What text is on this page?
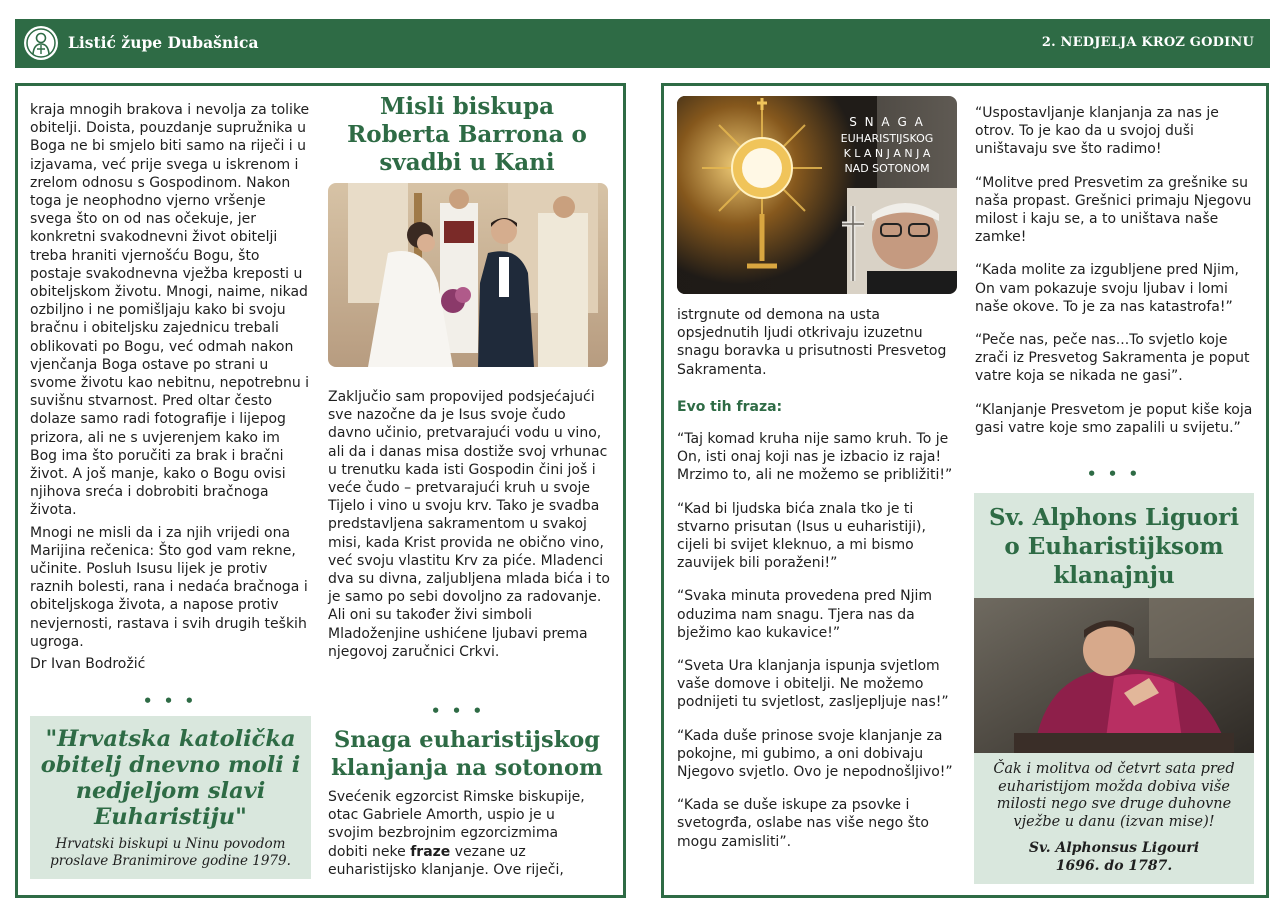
Listić župe Dubašnica	2. NEDJELJA KROZ GODINU

kraja mnogih brakova i nevolja za tolike obitelji. Doista, pouzdanje supružnika u Boga ne bi smjelo biti samo na riječi i u izjavama, već prije svega u iskrenom i zrelom odnosu s Gospodinom. Nakon toga je neophodno vjerno vršenje svega što on od nas očekuje, jer konkretni svakodnevni život obitelji treba hraniti vjernošću Bogu, što postaje svakodnevna vježba kreposti u obiteljskom životu. Mnogi, naime, nikad ozbiljno i ne pomišljaju kako bi svoju bračnu i obiteljsku zajednicu trebali oblikovati po Bogu, već odmah nakon vjenčanja Boga ostave po strani u svome životu kao nebitnu, nepotrebnu i suvišnu stvarnost. Pred oltar često dolaze samo radi fotografije i lijepog prizora, ali ne s uvjerenjem kako im Bog ima što poručiti za brak i bračni život. A još manje, kako o Bogu ovisi njihova sreća i dobrobiti bračnoga života.

Mnogi ne misli da i za njih vrijedi ona Marijina rečenica: Što god vam rekne, učinite. Posluh Isusu lijek je protiv raznih bolesti, rana i nedaća bračnoga i obiteljskoga života, a napose protiv nevjernosti, rastava i svih drugih teških ugroga.

Dr Ivan Bodrožić

• • •
"Hrvatska katolička obitelj dnevno moli i nedjeljom slavi Euharistiju"
Hrvatski biskupi u Ninu povodom proslave Branimirove godine 1979.
Misli biskupa Roberta Barrona o svadbi u Kani

Zaključio sam propovijed podsjećajući sve nazočne da je Isus svoje čudo davno učinio, pretvarajući vodu u vino, ali da i danas misa dostiže svoj vrhunac u trenutku kada isti Gospodin čini još i veće čudo – pretvarajući kruh u svoje Tijelo i vino u svoju krv. Tako je svadba predstavljena sakramentom u svakoj misi, kada Krist providа ne obično vino, već svoju vlastitu Krv za piće. Mladenci dva su divna, zaljubljena mlada bića i to je samo po sebi dovoljno za radovanje. Ali oni su također živi simboli Mladoženjine ushićene ljubavi prema njegovoj zaručnici Crkvi.

• • •
Snaga euharistijskog klanjanja na sotonom

Svećenik egzorcist Rimske biskupije, otac Gabriele Amorth, uspio je u svojim bezbrojnim egzorcizmima dobiti neke fraze vezane uz euharistijsko klanjanje. Ove riječi,

S N A G A
EUHARISTIJSKOG
K L A N J A N J A
NAD SOTONOM

istrgnute od demona na usta opsjednutih ljudi otkrivaju izuzetnu snagu boravka u prisutnosti Presvetog Sakramenta.

Evo tih fraza:

“Taj komad kruha nije samo kruh. To je On, isti onaj koji nas je izbacio iz raja! Mrzimo to, ali ne možemo se približiti!”

“Kad bi ljudska bića znala tko je ti stvarno prisutan (Isus u euharistiji), cijeli bi svijet kleknuo, a mi bismo zauvijek bili poraženi!”

“Svaka minuta provedena pred Njim oduzima nam snagu. Tjera nas da bježimo kao kukavice!”

“Sveta Ura klanjanja ispunja svjetlom vaše domove i obitelji. Ne možemo podnijeti tu svjetlost, zasljepljuje nas!”

“Kada duše prinose svoje klanjanje za pokojne, mi gubimo, a oni dobivaju Njegovo svjetlo. Ovo je nepodnošljivo!”

“Kada se duše iskupe za psovke i svetogrđa, oslabe nas više nego što mogu zamisliti”.

“Uspostavljanje klanjanja za nas je otrov. To je kao da u svojoj duši uništavaju sve što radimo!

“Molitve pred Presvetim za grešnike su naša propast. Grešnici primaju Njegovu milost i kaju se, a to uništava naše zamke!

“Kada molite za izgubljene pred Njim, On vam pokazuje svoju ljubav i lomi naše okove. To je za nas katastrofa!”

“Peče nas, peče nas...To svjetlo koje zrači iz Presvetog Sakramenta je poput vatre koja se nikada ne gasi”.

“Klanjanje Presvetom je poput kiše koja gasi vatre koje smo zapalili u svijetu.”

• • •
Sv. Alphons Liguori o Euharistijksom klanajnju
Čak i molitva od četvrt sata pred euharistijom možda dobiva više milosti nego sve druge duhovne vježbe u danu (izvan mise)!
Sv. Alphonsus Ligouri
1696. do 1787.
